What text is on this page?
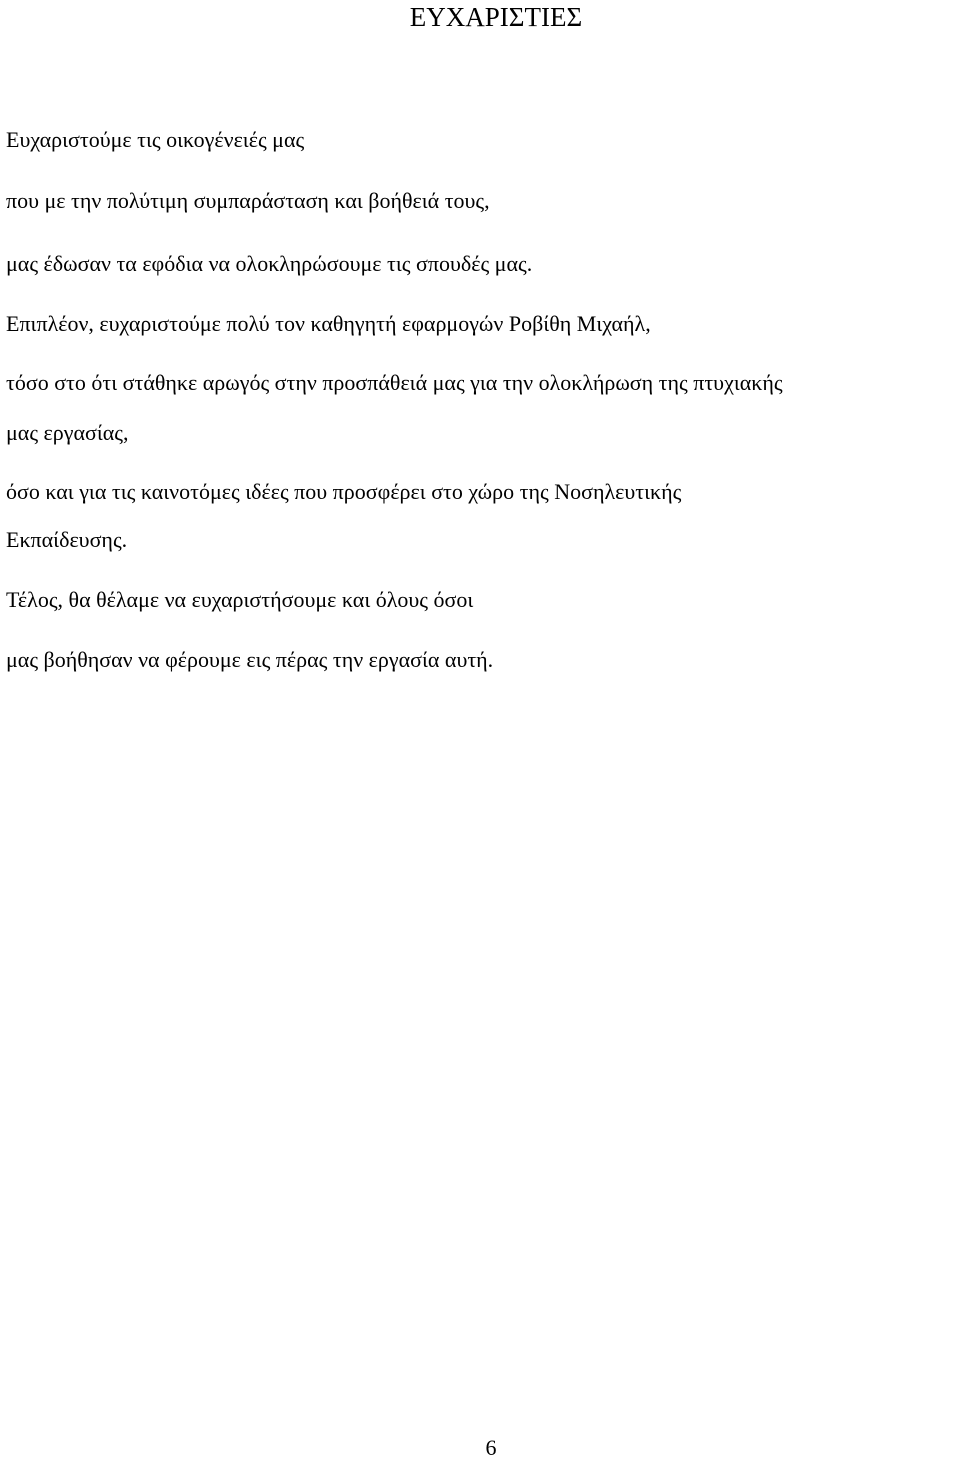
ΕΥΧΑΡΙΣΤΙΕΣ

Ευχαριστούμε τις οικογένειές μας

που με την πολύτιμη συμπαράσταση και βοήθειά τους,

μας έδωσαν τα εφόδια να ολοκληρώσουμε τις σπουδές μας.

Επιπλέον, ευχαριστούμε πολύ τον καθηγητή εφαρμογών Ροβίθη Μιχαήλ,

τόσο στο ότι στάθηκε αρωγός στην προσπάθειά μας για την ολοκλήρωση της πτυχιακής

μας εργασίας,

όσο και για τις καινοτόμες ιδέες που προσφέρει στο χώρο της Νοσηλευτικής

Εκπαίδευσης.

Τέλος, θα θέλαμε να ευχαριστήσουμε και όλους όσοι

μας βοήθησαν να φέρουμε εις πέρας την εργασία αυτή.

6
